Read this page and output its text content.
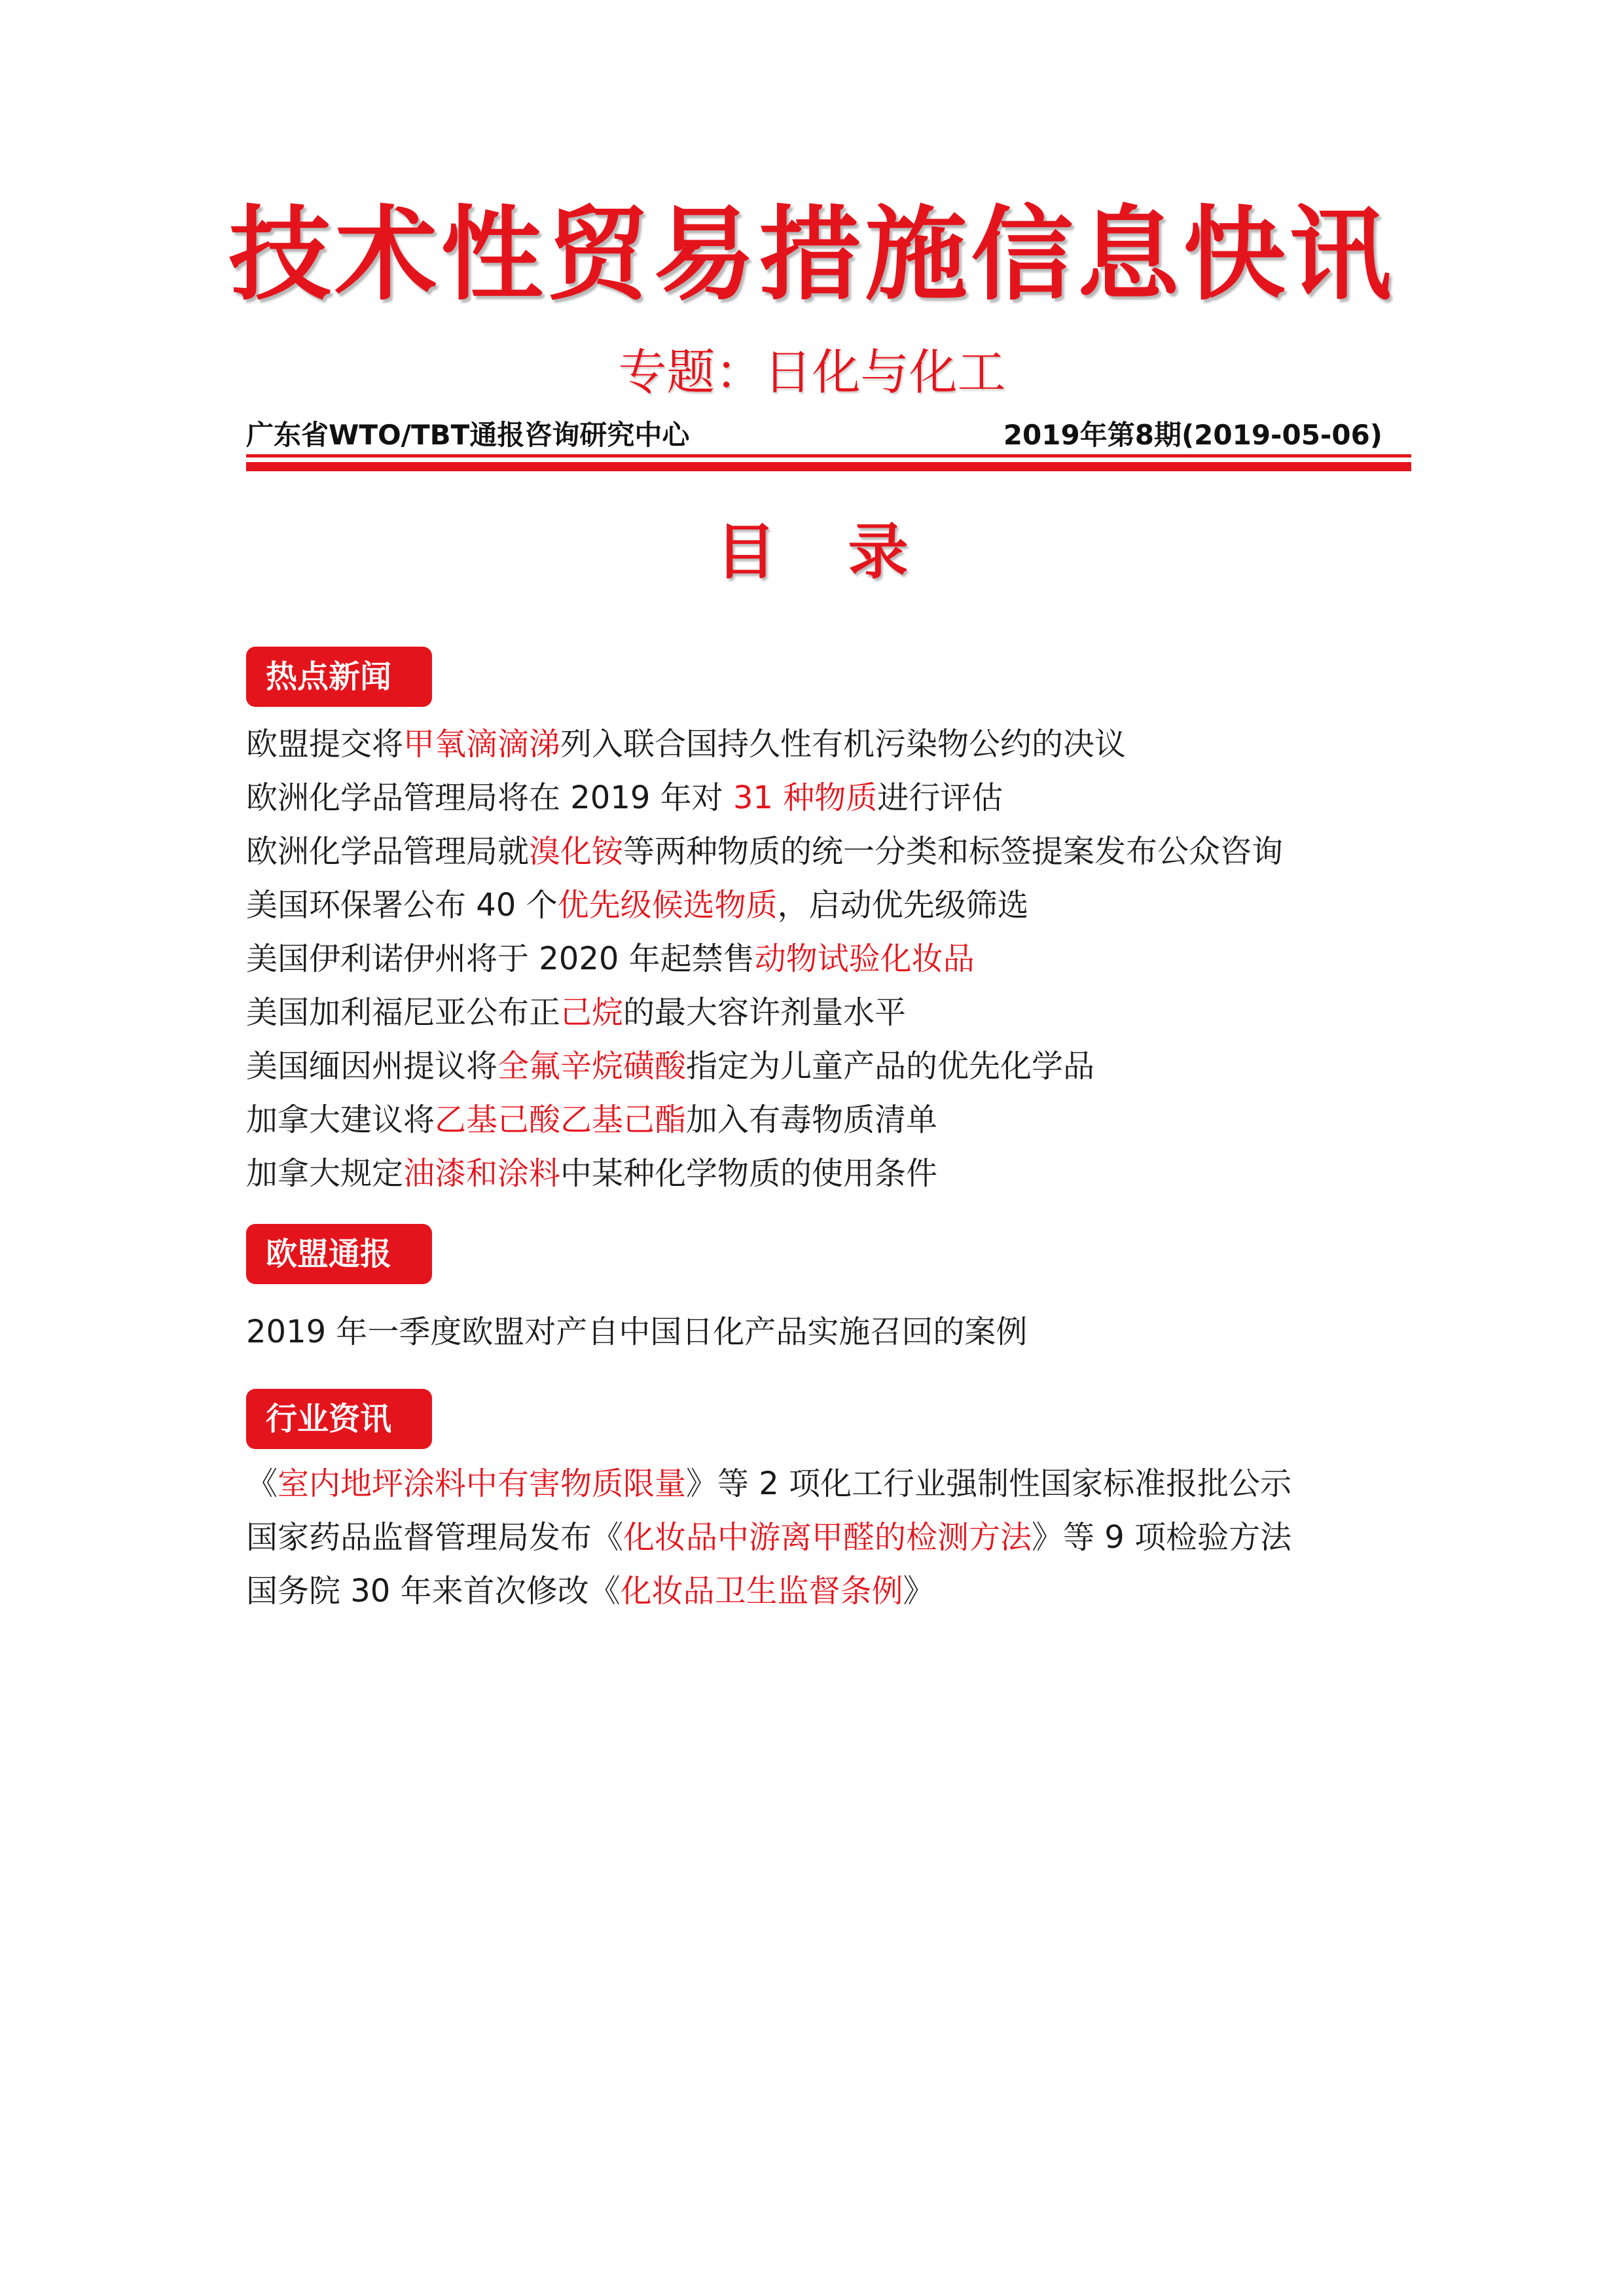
技术性贸易措施信息快讯
专题：日化与化工
广东省WTO/TBT通报咨询研究中心	2019年第8期(2019-05-06)
目录
热点新闻
欧盟提交将甲氧滴滴涕列入联合国持久性有机污染物公约的决议
欧洲化学品管理局将在 2019 年对 31 种物质进行评估
欧洲化学品管理局就溴化铵等两种物质的统一分类和标签提案发布公众咨询
美国环保署公布 40 个优先级候选物质，启动优先级筛选
美国伊利诺伊州将于 2020 年起禁售动物试验化妆品
美国加利福尼亚公布正己烷的最大容许剂量水平
美国缅因州提议将全氟辛烷磺酸指定为儿童产品的优先化学品
加拿大建议将乙基己酸乙基己酯加入有毒物质清单
加拿大规定油漆和涂料中某种化学物质的使用条件
欧盟通报
2019 年一季度欧盟对产自中国日化产品实施召回的案例
行业资讯
《室内地坪涂料中有害物质限量》等 2 项化工行业强制性国家标准报批公示
国家药品监督管理局发布《化妆品中游离甲醛的检测方法》等 9 项检验方法
国务院 30 年来首次修改《化妆品卫生监督条例》
